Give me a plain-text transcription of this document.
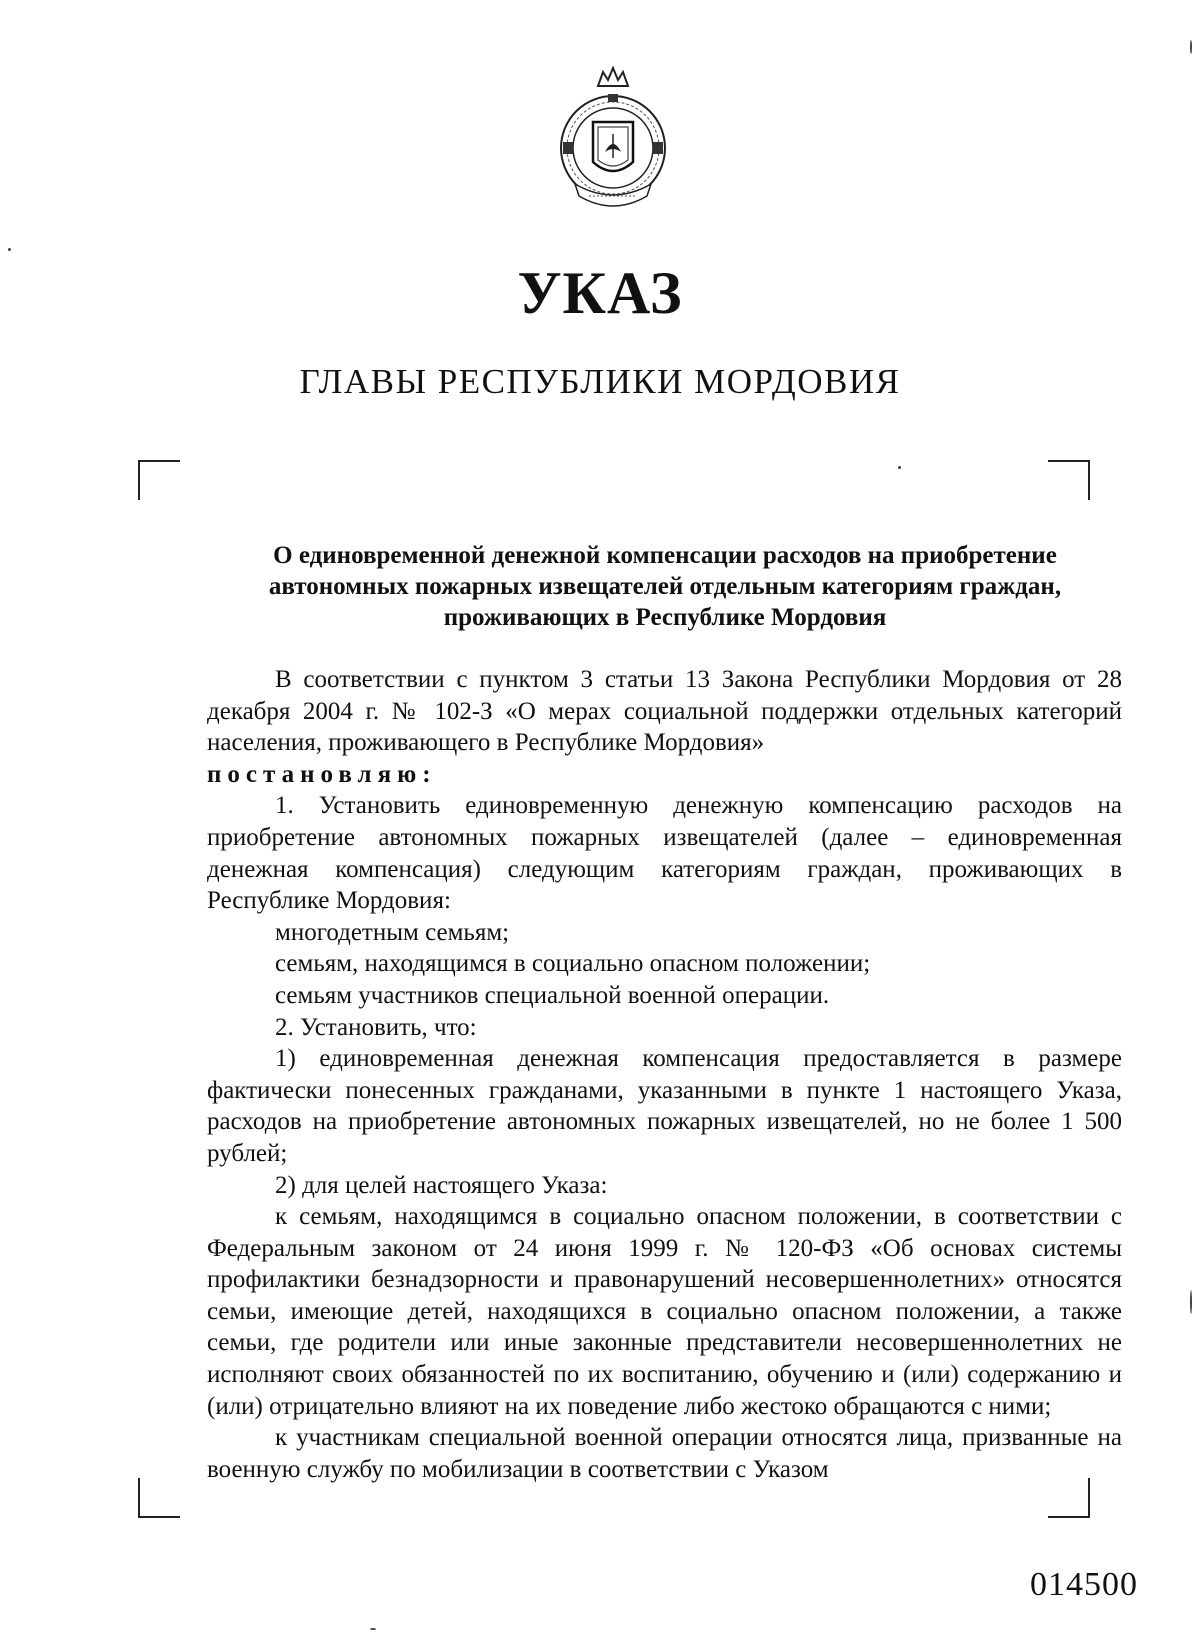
УКАЗ
ГЛАВЫ РЕСПУБЛИКИ МОРДОВИЯ
О единовременной денежной компенсации расходов на приобретение автономных пожарных извещателей отдельным категориям граждан, проживающих в Республике Мордовия

В соответствии с пунктом 3 статьи 13 Закона Республики Мордовия от 28 декабря 2004 г. № 102-З «О мерах социальной поддержки отдельных категорий населения, проживающего в Республике Мордовия»

постановляю:

1. Установить единовременную денежную компенсацию расходов на приобретение автономных пожарных извещателей (далее – единовременная денежная компенсация) следующим категориям граждан, проживающих в Республике Мордовия:

многодетным семьям;

семьям, находящимся в социально опасном положении;

семьям участников специальной военной операции.

2. Установить, что:

1) единовременная денежная компенсация предоставляется в размере фактически понесенных гражданами, указанными в пункте 1 настоящего Указа, расходов на приобретение автономных пожарных извещателей, но не более 1 500 рублей;

2) для целей настоящего Указа:

к семьям, находящимся в социально опасном положении, в соответствии с Федеральным законом от 24 июня 1999 г. № 120-ФЗ «Об основах системы профилактики безнадзорности и правонарушений несовершеннолетних» относятся семьи, имеющие детей, находящихся в социально опасном положении, а также семьи, где родители или иные законные представители несовершеннолетних не исполняют своих обязанностей по их воспитанию, обучению и (или) содержанию и (или) отрицательно влияют на их поведение либо жестоко обращаются с ними;

к участникам специальной военной операции относятся лица, призванные на военную службу по мобилизации в соответствии с Указом

014500
